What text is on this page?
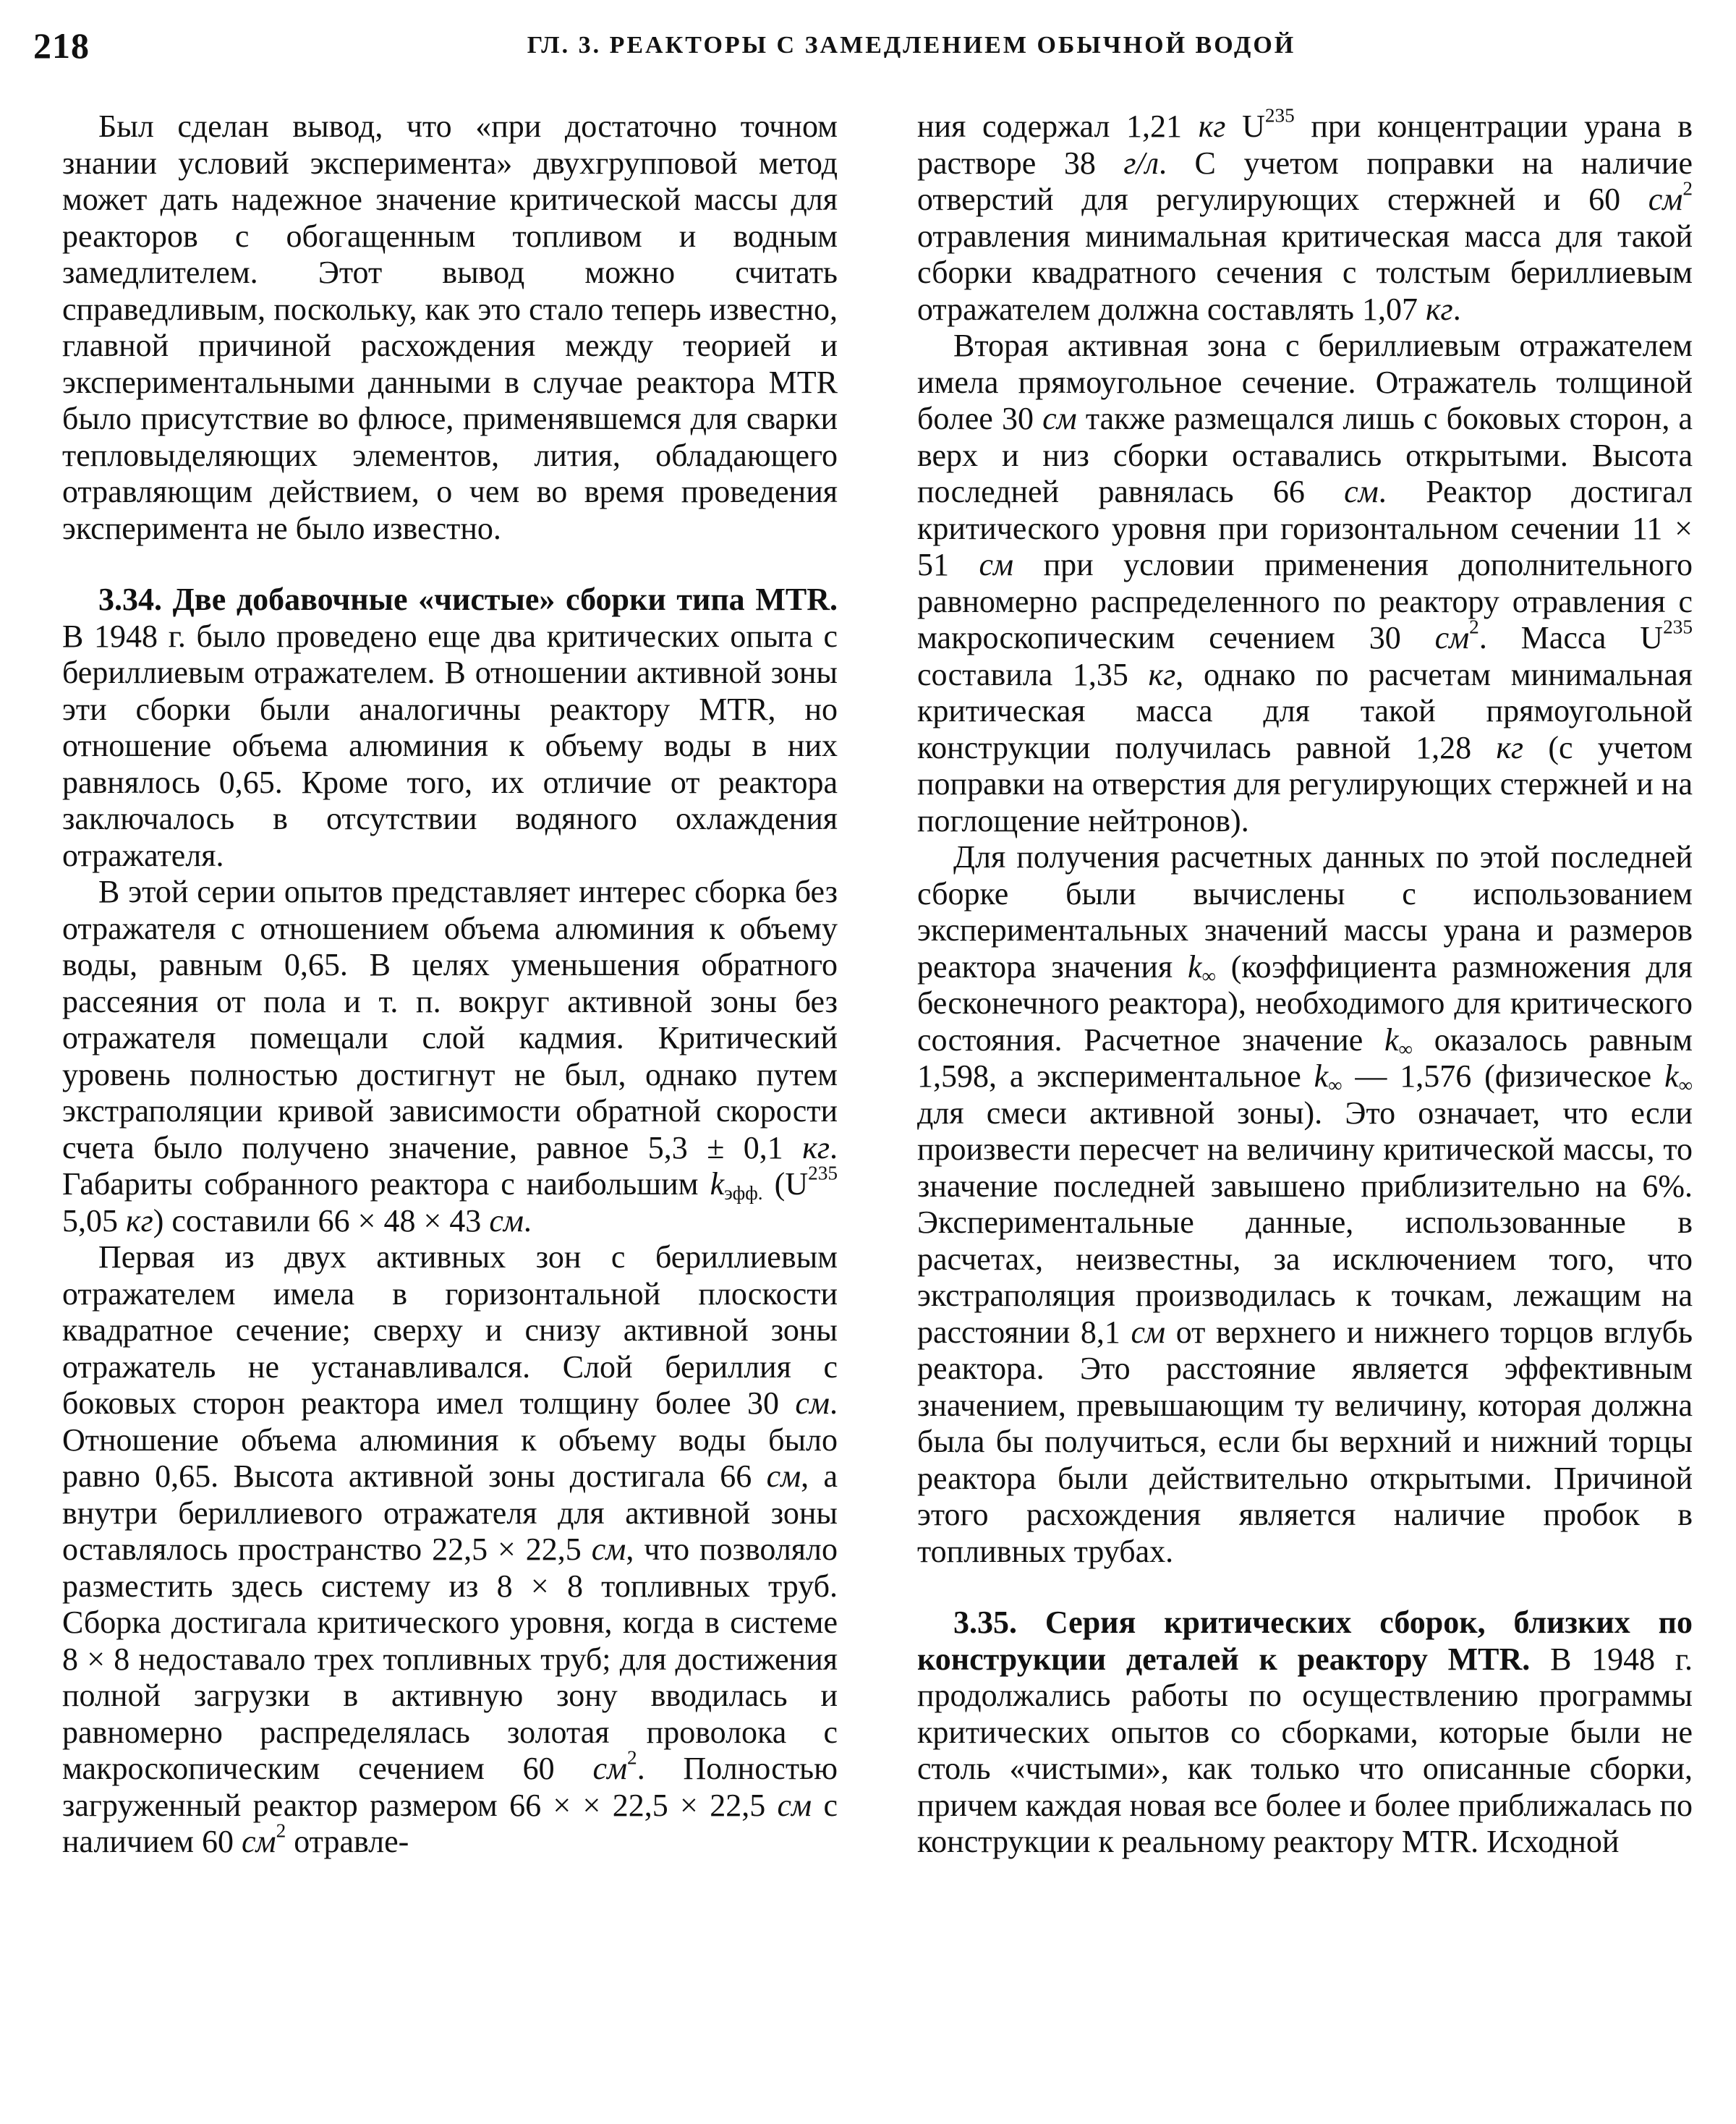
218	ГЛ. 3. РЕАКТОРЫ С ЗАМЕДЛЕНИЕМ ОБЫЧНОЙ ВОДОЙ

Был сделан вывод, что «при достаточно точном знании условий эксперимента» двухгрупповой метод может дать надежное значение критической массы для реакторов с обогащенным топливом и водным замедлителем. Этот вывод можно считать справедливым, поскольку, как это стало теперь известно, главной причиной расхождения между теорией и экспериментальными данными в случае реактора MTR было присутствие во флюсе, применявшемся для сварки тепловыделяющих элементов, лития, обладающего отравляющим действием, о чем во время проведения эксперимента не было известно.

3.34. Две добавочные «чистые» сборки типа MTR. В 1948 г. было проведено еще два критических опыта с бериллиевым отражателем. В отношении активной зоны эти сборки были аналогичны реактору MTR, но отношение объема алюминия к объему воды в них равнялось 0,65. Кроме того, их отличие от реактора заключалось в отсутствии водяного охлаждения отражателя.

В этой серии опытов представляет интерес сборка без отражателя с отношением объема алюминия к объему воды, равным 0,65. В целях уменьшения обратного рассеяния от пола и т. п. вокруг активной зоны без отражателя помещали слой кадмия. Критический уровень полностью достигнут не был, однако путем экстраполяции кривой зависимости обратной скорости счета было получено значение, равное 5,3 ± 0,1 кг. Габариты собранного реактора с наибольшим $k_{эфф.}$ ($U^{235}$ 5,05 кг) составили 66 × 48 × 43 см.

Первая из двух активных зон с бериллиевым отражателем имела в горизонтальной плоскости квадратное сечение; сверху и снизу активной зоны отражатель не устанавливался. Слой бериллия с боковых сторон реактора имел толщину более 30 см. Отношение объема алюминия к объему воды было равно 0,65. Высота активной зоны достигала 66 см, а внутри бериллиевого отражателя для активной зоны оставлялось пространство 22,5 × 22,5 см, что позволяло разместить здесь систему из 8 × 8 топливных труб. Сборка достигала критического уровня, когда в системе 8 × 8 недоставало трех топливных труб; для достижения полной загрузки в активную зону вводилась и равномерно распределялась золотая проволока с макроскопическим сечением 60 $см^2$. Полностью загруженный реактор размером 66 × × 22,5 × 22,5 см с наличием 60 $см^2$ отравле-

ния содержал 1,21 кг $U^{235}$ при концентрации урана в растворе 38 г/л. С учетом поправки на наличие отверстий для регулирующих стержней и 60 $см^2$ отравления минимальная критическая масса для такой сборки квадратного сечения с толстым бериллиевым отражателем должна составлять 1,07 кг.

Вторая активная зона с бериллиевым отражателем имела прямоугольное сечение. Отражатель толщиной более 30 см также размещался лишь с боковых сторон, а верх и низ сборки оставались открытыми. Высота последней равнялась 66 см. Реактор достигал критического уровня при горизонтальном сечении 11 × 51 см при условии применения дополнительного равномерно распределенного по реактору отравления с макроскопическим сечением 30 $см^2$. Масса $U^{235}$ составила 1,35 кг, однако по расчетам минимальная критическая масса для такой прямоугольной конструкции получилась равной 1,28 кг (с учетом поправки на отверстия для регулирующих стержней и на поглощение нейтронов).

Для получения расчетных данных по этой последней сборке были вычислены с использованием экспериментальных значений массы урана и размеров реактора значения $k_\infty$ (коэффициента размножения для бесконечного реактора), необходимого для критического состояния. Расчетное значение $k_\infty$ оказалось равным 1,598, а экспериментальное $k_\infty$ — 1,576 (физическое $k_\infty$ для смеси активной зоны). Это означает, что если произвести пересчет на величину критической массы, то значение последней завышено приблизительно на 6%. Экспериментальные данные, использованные в расчетах, неизвестны, за исключением того, что экстраполяция производилась к точкам, лежащим на расстоянии 8,1 см от верхнего и нижнего торцов вглубь реактора. Это расстояние является эффективным значением, превышающим ту величину, которая должна была бы получиться, если бы верхний и нижний торцы реактора были действительно открытыми. Причиной этого расхождения является наличие пробок в топливных трубах.

3.35. Серия критических сборок, близких по конструкции деталей к реактору MTR. В 1948 г. продолжались работы по осуществлению программы критических опытов со сборками, которые были не столь «чистыми», как только что описанные сборки, причем каждая новая все более и более приближалась по конструкции к реальному реактору MTR. Исходной
